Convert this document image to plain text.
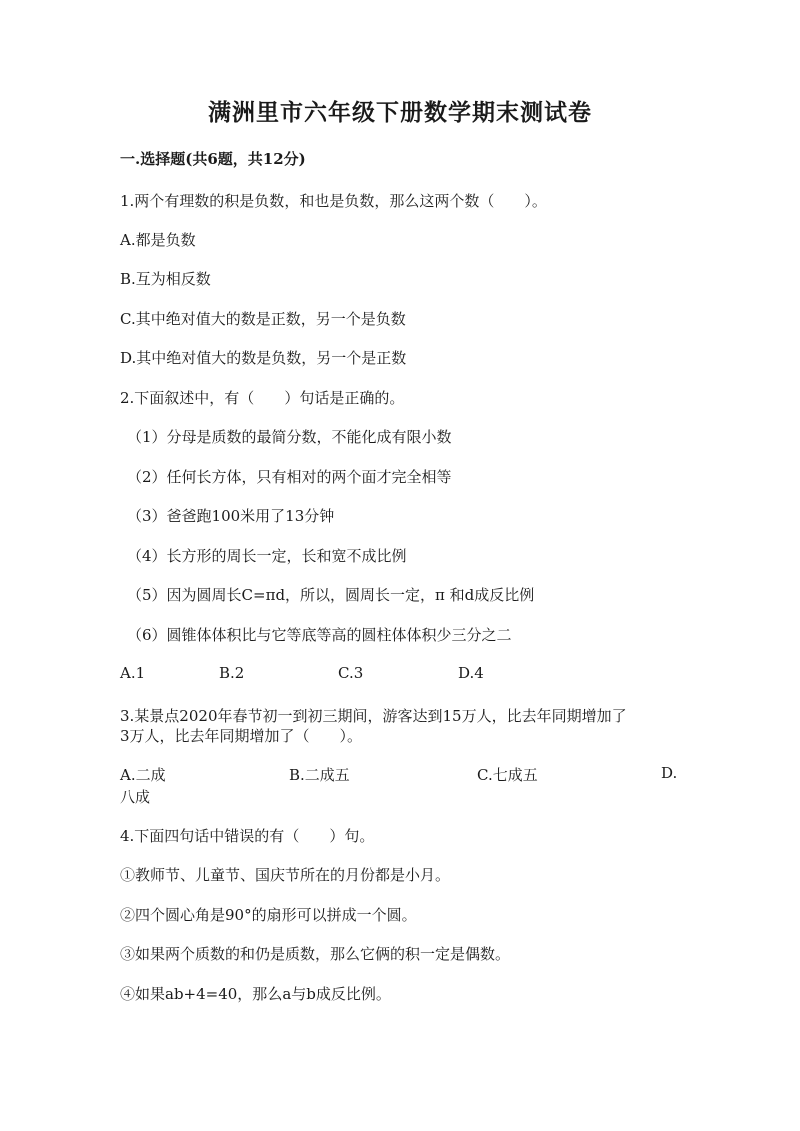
满洲里市六年级下册数学期末测试卷
一.选择题(共6题，共12分)
1.两个有理数的积是负数，和也是负数，那么这两个数（　　）。
A.都是负数
B.互为相反数
C.其中绝对值大的数是正数，另一个是负数
D.其中绝对值大的数是负数，另一个是正数
2.下面叙述中，有（　　）句话是正确的。
（1）分母是质数的最简分数，不能化成有限小数
（2）任何长方体，只有相对的两个面才完全相等
（3）爸爸跑100米用了13分钟
（4）长方形的周长一定，长和宽不成比例
（5）因为圆周长C=πd，所以，圆周长一定，π 和d成反比例
（6）圆锥体体积比与它等底等高的圆柱体体积少三分之二
A.1	B.2	C.3	D.4
3.某景点2020年春节初一到初三期间，游客达到15万人，比去年同期增加了
3万人，比去年同期增加了（　　）。
A.二成	B.二成五	C.七成五	D.
八成
4.下面四句话中错误的有（　　）句。
①教师节、儿童节、国庆节所在的月份都是小月。
②四个圆心角是90°的扇形可以拼成一个圆。
③如果两个质数的和仍是质数，那么它俩的积一定是偶数。
④如果ab+4=40，那么a与b成反比例。
